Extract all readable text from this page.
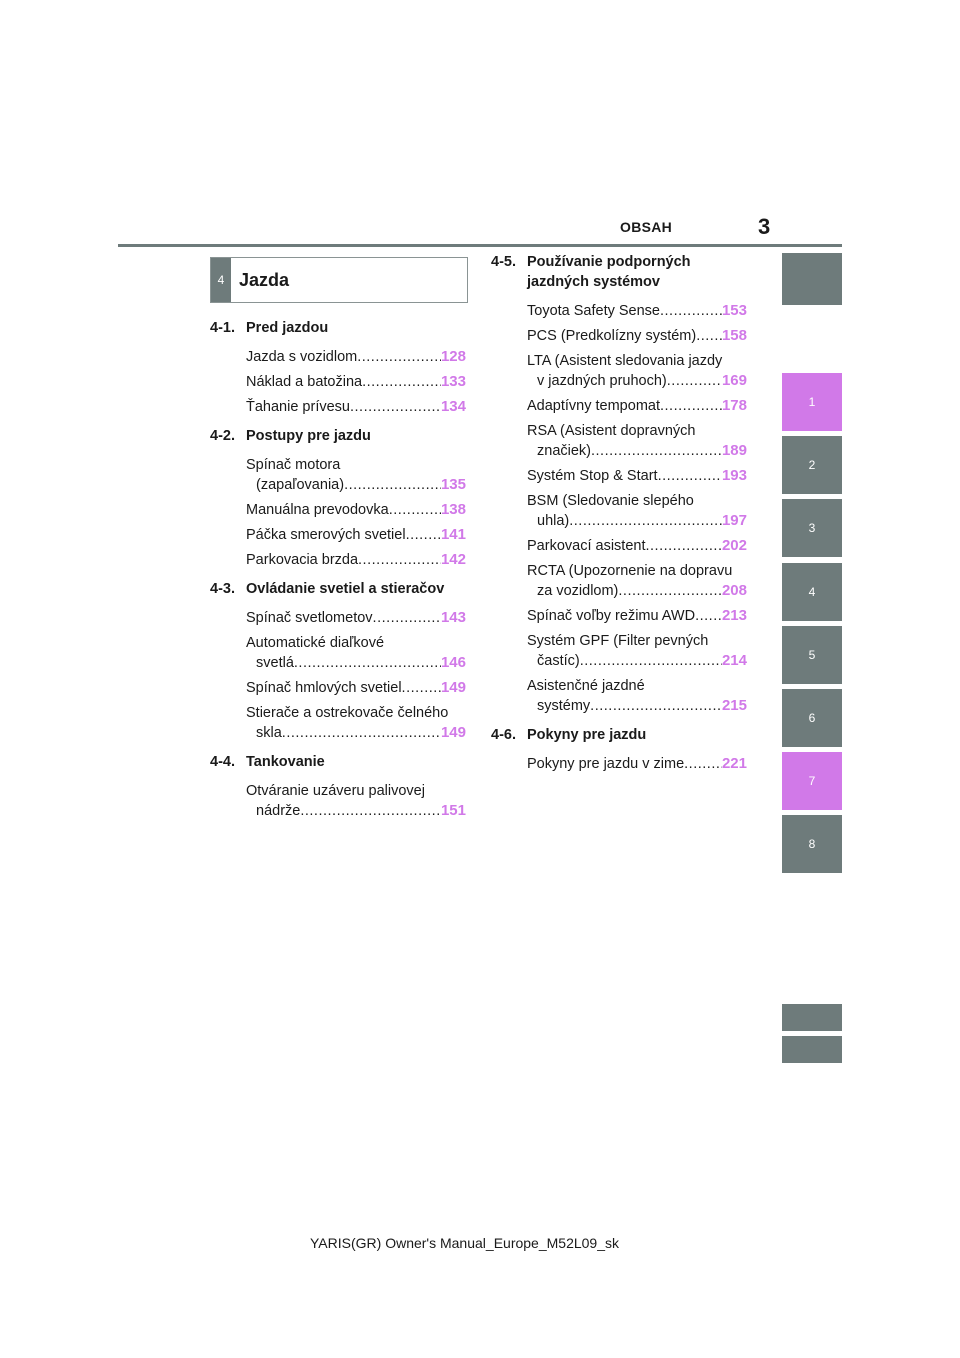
OBSAH	3
1
2
3
4
5
6
7
8
4 Jazda
4-1. Pred jazdou
Jazda s vozidlom .....	128
Náklad a batožina .....	133
Ťahanie prívesu .....	134
4-2. Postupy pre jazdu
Spínač motora
(zapaľovania) .....	135
Manuálna prevodovka .....	138
Páčka smerových svetiel ..... 141
Parkovacia brzda .....	142
4-3. Ovládanie svetiel a stieračov
Spínač svetlometov .....	143
Automatické diaľkové
svetlá .....	146
Spínač hmlových svetiel .....	149
Stierače a ostrekovače čelného
skla .....	149
4-4. Tankovanie
Otváranie uzáveru palivovej
nádrže .....	151
4-5. Používanie podporných jazdných systémov
Toyota Safety Sense .....	153
PCS (Predkolízny systém) ..... 158
LTA (Asistent sledovania jazdy
v jazdných pruhoch) .....	169
Adaptívny tempomat .....	178
RSA (Asistent dopravných
značiek) .....	189
Systém Stop & Start .....	193
BSM (Sledovanie slepého
uhla) .....	197
Parkovací asistent .....	202
RCTA (Upozornenie na dopravu
za vozidlom) .....	208
Spínač voľby režimu AWD ..... 213
Systém GPF (Filter pevných
častíc) .....	214
Asistenčné jazdné
systémy .....	215
4-6. Pokyny pre jazdu
Pokyny pre jazdu v zime .....	221
YARIS(GR) Owner's Manual_Europe_M52L09_sk
